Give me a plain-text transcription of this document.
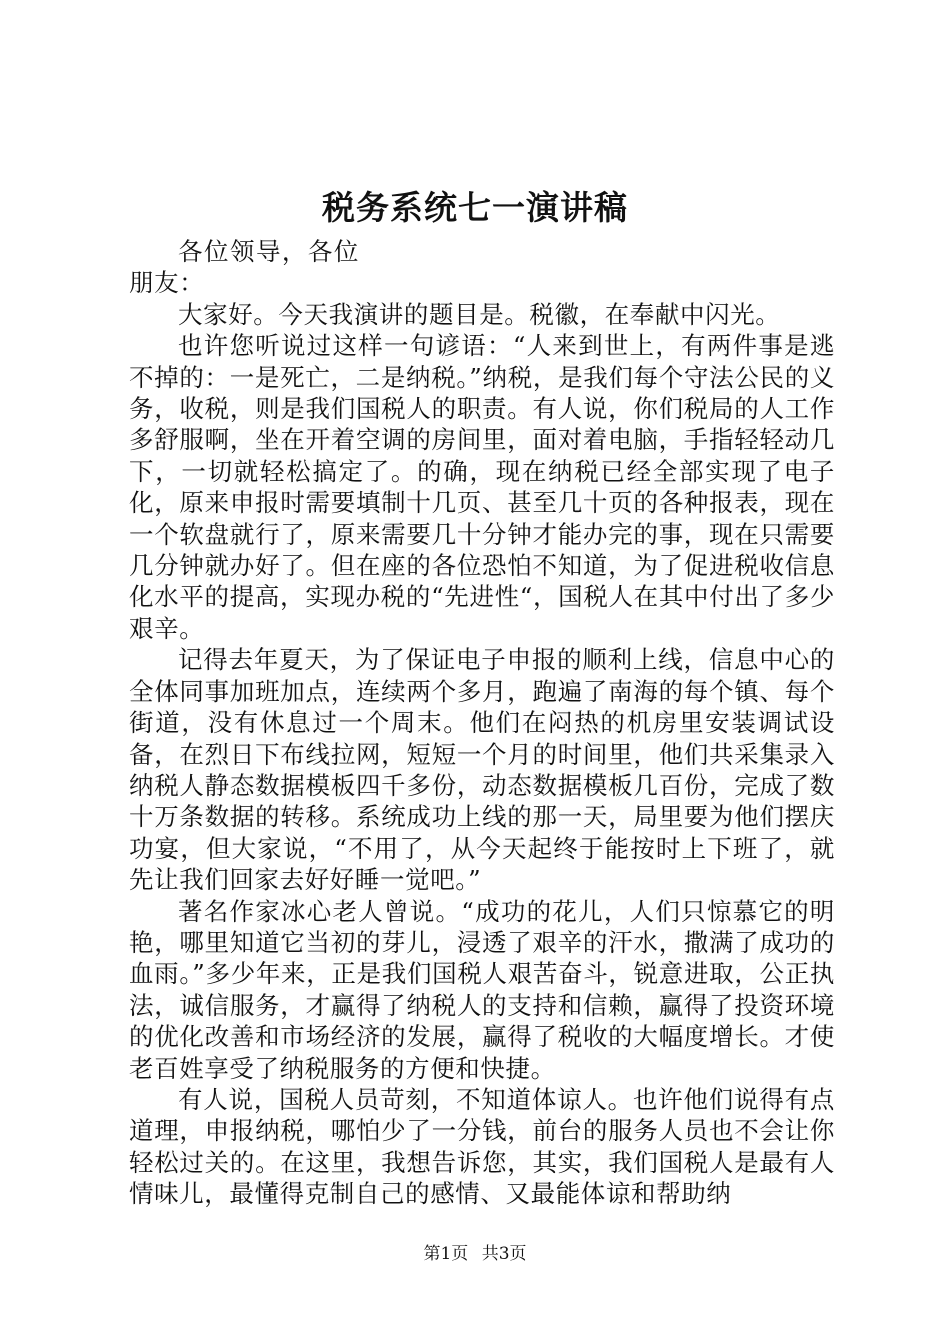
税务系统七一演讲稿

各位领导，各位朋友：

大家好。今天我演讲的题目是。税徽，在奉献中闪光。

也许您听说过这样一句谚语：“人来到世上，有两件事是逃不掉的：一是死亡，二是纳税。”纳税，是我们每个守法公民的义务，收税，则是我们国税人的职责。有人说，你们税局的人工作多舒服啊，坐在开着空调的房间里，面对着电脑，手指轻轻动几下，一切就轻松搞定了。的确，现在纳税已经全部实现了电子化，原来申报时需要填制十几页、甚至几十页的各种报表，现在一个软盘就行了，原来需要几十分钟才能办完的事，现在只需要几分钟就办好了。但在座的各位恐怕不知道，为了促进税收信息化水平的提高，实现办税的“先进性“，国税人在其中付出了多少艰辛。

记得去年夏天，为了保证电子申报的顺利上线，信息中心的全体同事加班加点，连续两个多月，跑遍了南海的每个镇、每个街道，没有休息过一个周末。他们在闷热的机房里安装调试设备，在烈日下布线拉网，短短一个月的时间里，他们共采集录入纳税人静态数据模板四千多份，动态数据模板几百份，完成了数十万条数据的转移。系统成功上线的那一天，局里要为他们摆庆功宴，但大家说，“不用了，从今天起终于能按时上下班了，就先让我们回家去好好睡一觉吧。”

著名作家冰心老人曾说。“成功的花儿，人们只惊慕它的明艳，哪里知道它当初的芽儿，浸透了艰辛的汗水，撒满了成功的血雨。”多少年来，正是我们国税人艰苦奋斗，锐意进取，公正执法，诚信服务，才赢得了纳税人的支持和信赖，赢得了投资环境的优化改善和市场经济的发展，赢得了税收的大幅度增长。才使老百姓享受了纳税服务的方便和快捷。

有人说，国税人员苛刻，不知道体谅人。也许他们说得有点道理，申报纳税，哪怕少了一分钱，前台的服务人员也不会让你轻松过关的。在这里，我想告诉您，其实，我们国税人是最有人情味儿，最懂得克制自己的感情、又最能体谅和帮助纳

第1页 共3页
